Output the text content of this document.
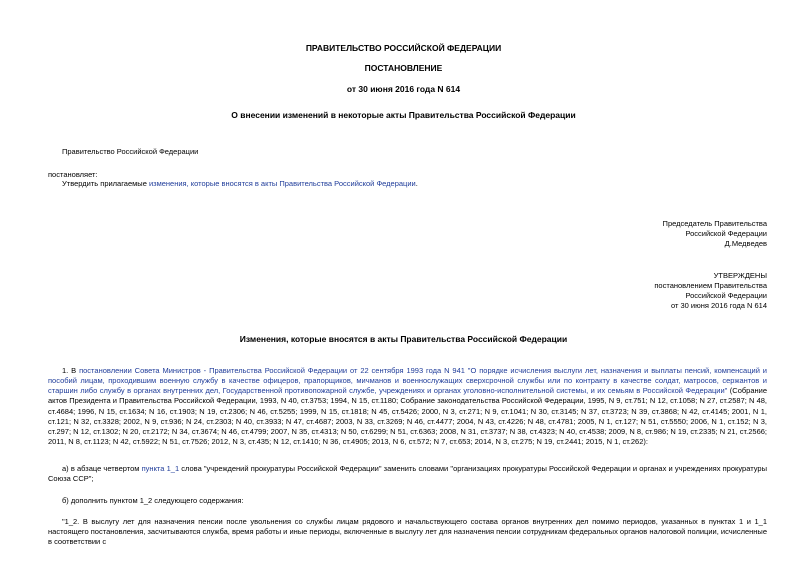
ПРАВИТЕЛЬСТВО РОССИЙСКОЙ ФЕДЕРАЦИИ
ПОСТАНОВЛЕНИЕ
от 30 июня 2016 года N 614
О внесении изменений в некоторые акты Правительства Российской Федерации
Правительство Российской Федерации
постановляет:
Утвердить прилагаемые изменения, которые вносятся в акты Правительства Российской Федерации.
Председатель Правительства
Российской Федерации
Д.Медведев
УТВЕРЖДЕНЫ
постановлением Правительства
Российской Федерации
от 30 июня 2016 года N 614
Изменения, которые вносятся в акты Правительства Российской Федерации
1. В постановлении Совета Министров - Правительства Российской Федерации от 22 сентября 1993 года N 941 "О порядке исчисления выслуги лет, назначения и выплаты пенсий, компенсаций и пособий лицам, проходившим военную службу в качестве офицеров, прапорщиков, мичманов и военнослужащих сверхсрочной службы или по контракту в качестве солдат, матросов, сержантов и старшин либо службу в органах внутренних дел, Государственной противопожарной службе, учреждениях и органах уголовно-исполнительной системы, и их семьям в Российской Федерации" (Собрание актов Президента и Правительства Российской Федерации, 1993, N 40, ст.3753; 1994, N 15, ст.1180; Собрание законодательства Российской Федерации, 1995, N 9, ст.751; N 12, ст.1058; N 27, ст.2587; N 48, ст.4684; 1996, N 15, ст.1634; N 16, ст.1903; N 19, ст.2306; N 46, ст.5255; 1999, N 15, ст.1818; N 45, ст.5426; 2000, N 3, ст.271; N 9, ст.1041; N 30, ст.3145; N 37, ст.3723; N 39, ст.3868; N 42, ст.4145; 2001, N 1, ст.121; N 32, ст.3328; 2002, N 9, ст.936; N 24, ст.2303; N 40, ст.3933; N 47, ст.4687; 2003, N 33, ст.3269; N 46, ст.4477; 2004, N 43, ст.4226; N 48, ст.4781; 2005, N 1, ст.127; N 51, ст.5550; 2006, N 1, ст.152; N 3, ст.297; N 12, ст.1302; N 20, ст.2172; N 34, ст.3674; N 46, ст.4799; 2007, N 35, ст.4313; N 50, ст.6299; N 51, ст.6363; 2008, N 31, ст.3737; N 38, ст.4323; N 40, ст.4538; 2009, N 8, ст.986; N 19, ст.2335; N 21, ст.2566; 2011, N 8, ст.1123; N 42, ст.5922; N 51, ст.7526; 2012, N 3, ст.435; N 12, ст.1410; N 36, ст.4905; 2013, N 6, ст.572; N 7, ст.653; 2014, N 3, ст.275; N 19, ст.2441; 2015, N 1, ст.262):
а) в абзаце четвертом пункта 1_1 слова "учреждений прокуратуры Российской Федерации" заменить словами "организациях прокуратуры Российской Федерации и органах и учреждениях прокуратуры Союза ССР";
б) дополнить пунктом 1_2 следующего содержания:
"1_2. В выслугу лет для назначения пенсии после увольнения со службы лицам рядового и начальствующего состава органов внутренних дел помимо периодов, указанных в пунктах 1 и 1_1 настоящего постановления, засчитываются служба, время работы и иные периоды, включенные в выслугу лет для назначения пенсии сотрудникам федеральных органов налоговой полиции, исчисленные в соответствии с
